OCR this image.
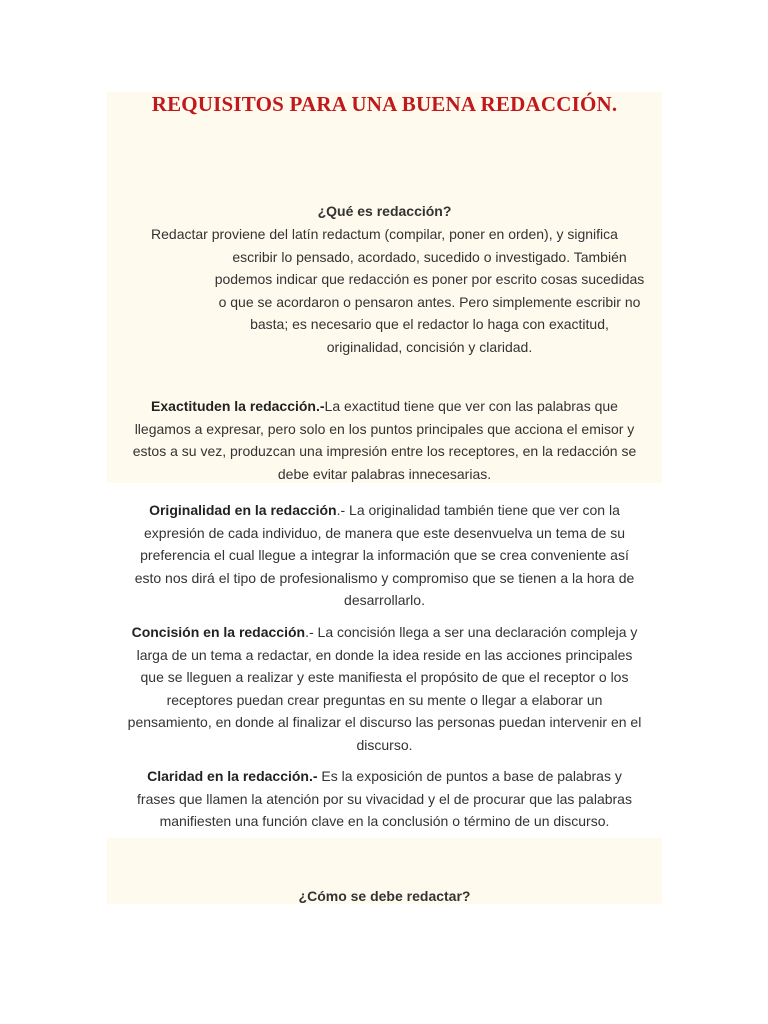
REQUISITOS PARA UNA BUENA REDACCIÓN.
¿Qué es redacción?

Redactar proviene del latín redactum (compilar, poner en orden), y significa
escribir lo pensado, acordado, sucedido o investigado. También
podemos indicar que redacción es poner por escrito cosas sucedidas
o que se acordaron o pensaron antes. Pero simplemente escribir no
basta; es necesario que el redactor lo haga con exactitud,
originalidad, concisión y claridad.

Exactituden la redacción.-La exactitud tiene que ver con las palabras que
llegamos a expresar, pero solo en los puntos principales que acciona el emisor y
estos a su vez, produzcan una impresión entre los receptores, en la redacción se
debe evitar palabras innecesarias.

Originalidad en la redacción.- La originalidad también tiene que ver con la
expresión de cada individuo, de manera que este desenvuelva un tema de su
preferencia el cual llegue a integrar la información que se crea conveniente así
esto nos dirá el tipo de profesionalismo y compromiso que se tienen a la hora de
desarrollarlo.

Concisión en la redacción.- La concisión llega a ser una declaración compleja y
larga de un tema a redactar, en donde la idea reside en las acciones principales
que se lleguen a realizar y este manifiesta el propósito de que el receptor o los
receptores puedan crear preguntas en su mente o llegar a elaborar un
pensamiento, en donde al finalizar el discurso las personas puedan intervenir en el
discurso.

Claridad en la redacción.- Es la exposición de puntos a base de palabras y
frases que llamen la atención por su vivacidad y el de procurar que las palabras
manifiesten una función clave en la conclusión o término de un discurso.

¿Cómo se debe redactar?
